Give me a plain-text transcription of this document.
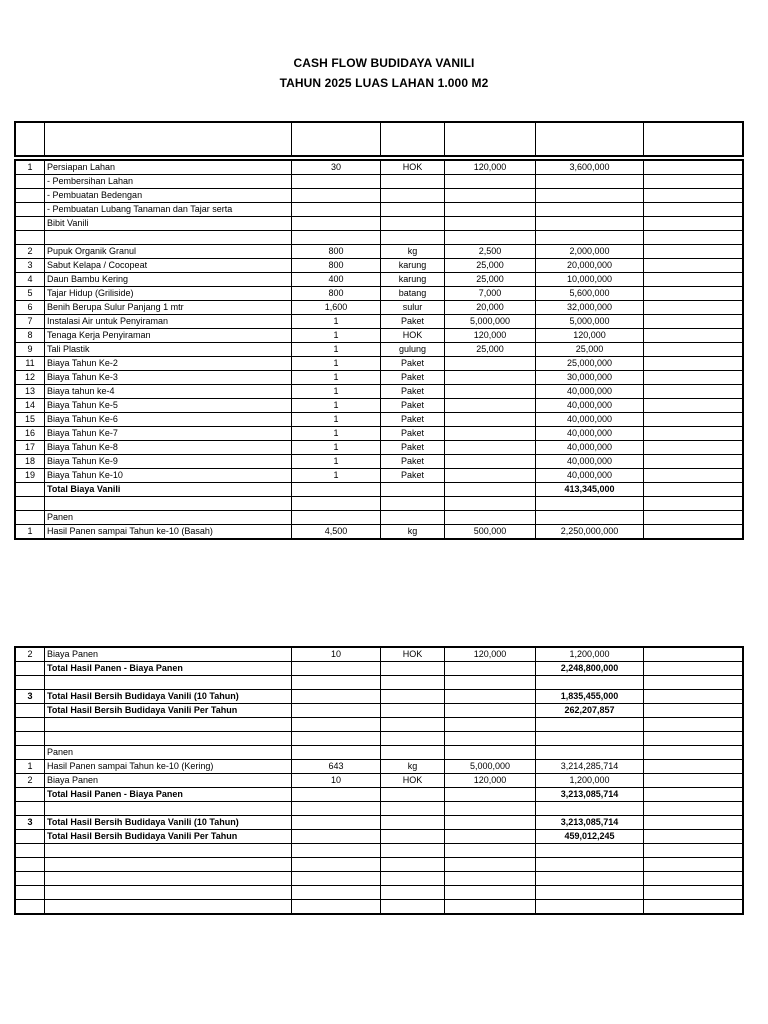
CASH FLOW BUDIDAYA VANILI
TAHUN 2025 LUAS LAHAN 1.000 M2

1	Persiapan Lahan	30	HOK	120,000	3,600,000	
	- Pembersihan Lahan					
	- Pembuatan Bedengan					
	- Pembuatan Lubang Tanaman dan Tajar serta					
	Bibit Vanili					

2	Pupuk Organik Granul	800	kg	2,500	2,000,000	
3	Sabut Kelapa / Cocopeat	800	karung	25,000	20,000,000	
4	Daun Bambu Kering	400	karung	25,000	10,000,000	
5	Tajar Hidup (Griliside)	800	batang	7,000	5,600,000	
6	Benih Berupa Sulur Panjang 1 mtr	1,600	sulur	20,000	32,000,000	
7	Instalasi Air untuk Penyiraman	1	Paket	5,000,000	5,000,000	
8	Tenaga Kerja Penyiraman	1	HOK	120,000	120,000	
9	Tali Plastik	1	gulung	25,000	25,000	
11	Biaya Tahun Ke-2	1	Paket		25,000,000	
12	Biaya Tahun Ke-3	1	Paket		30,000,000	
13	Biaya tahun ke-4	1	Paket		40,000,000	
14	Biaya Tahun Ke-5	1	Paket		40,000,000	
15	Biaya Tahun Ke-6	1	Paket		40,000,000	
16	Biaya Tahun Ke-7	1	Paket		40,000,000	
17	Biaya Tahun Ke-8	1	Paket		40,000,000	
18	Biaya Tahun Ke-9	1	Paket		40,000,000	
19	Biaya Tahun Ke-10	1	Paket		40,000,000	
	Total Biaya Vanili				413,345,000	

	Panen					
1	Hasil Panen sampai Tahun ke-10 (Basah)	4,500	kg	500,000	2,250,000,000	
2	Biaya Panen	10	HOK	120,000	1,200,000	
	Total Hasil Panen - Biaya Panen				2,248,800,000	

3	Total Hasil Bersih Budidaya Vanili (10 Tahun)				1,835,455,000	
	Total Hasil Bersih Budidaya Vanili Per Tahun				262,207,857	

	Panen					
1	Hasil Panen sampai Tahun ke-10 (Kering)	643	kg	5,000,000	3,214,285,714	
2	Biaya Panen	10	HOK	120,000	1,200,000	
	Total Hasil Panen - Biaya Panen				3,213,085,714	

3	Total Hasil Bersih Budidaya Vanili (10 Tahun)				3,213,085,714	
	Total Hasil Bersih Budidaya Vanili Per Tahun				459,012,245	
